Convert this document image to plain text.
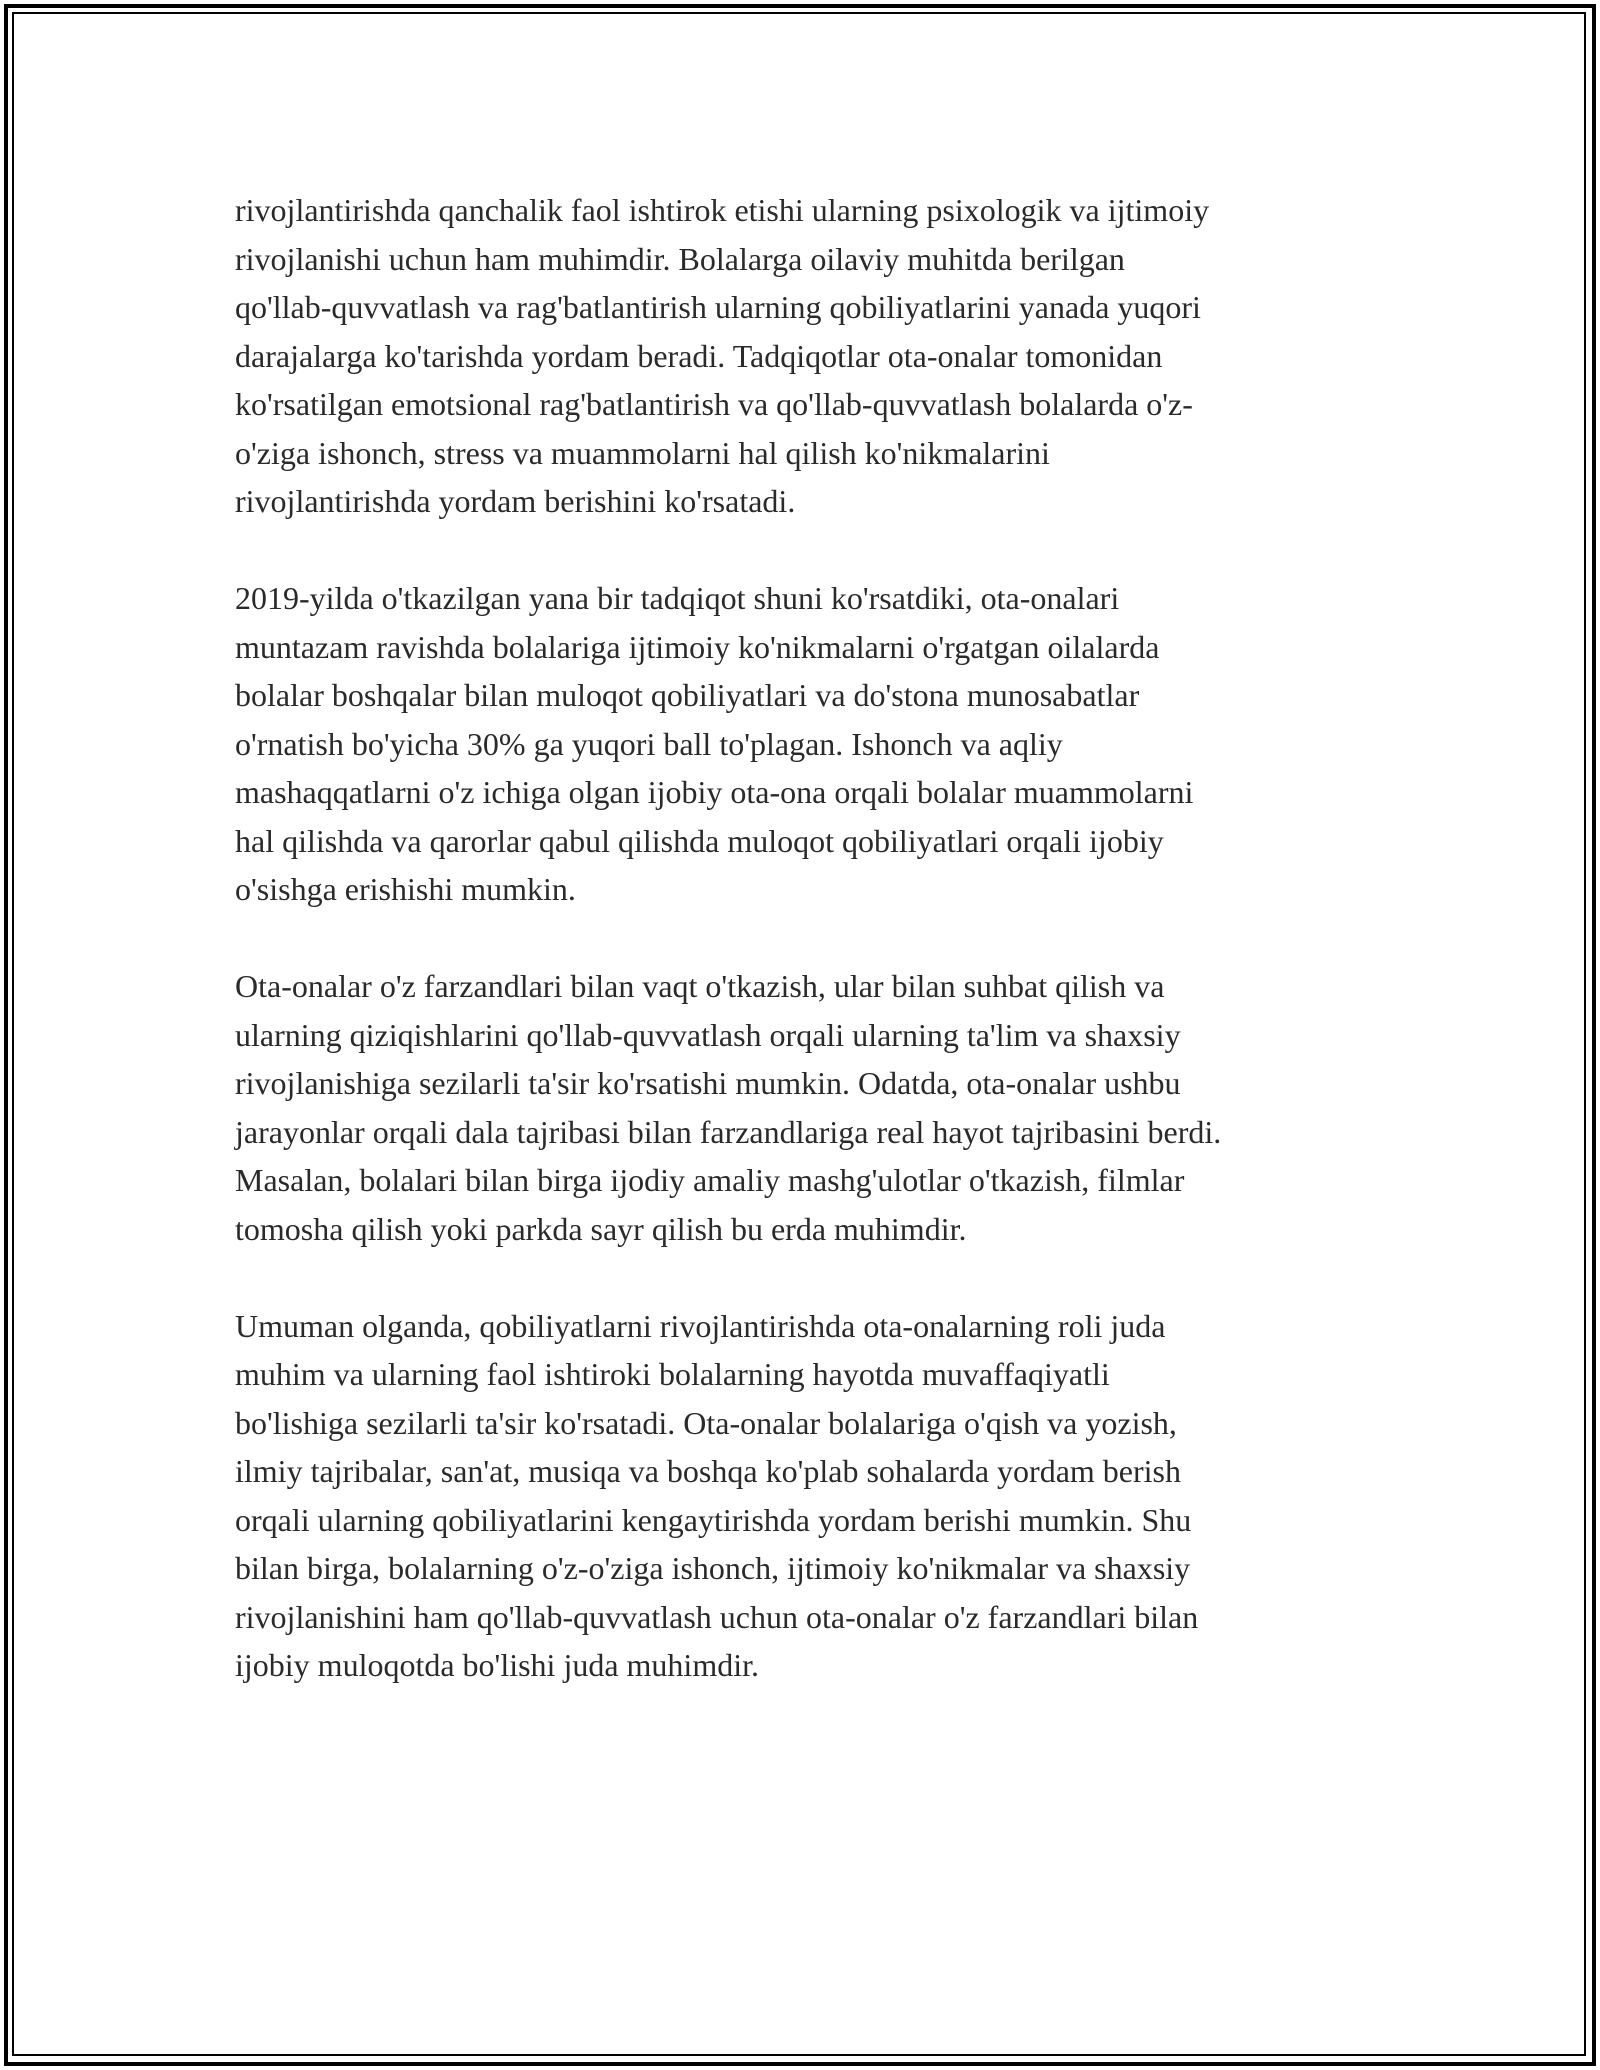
rivojlantirishda qanchalik faol ishtirok etishi ularning psixologik va ijtimoiy
rivojlanishi uchun ham muhimdir. Bolalarga oilaviy muhitda berilgan
qo'llab-quvvatlash va rag'batlantirish ularning qobiliyatlarini yanada yuqori
darajalarga ko'tarishda yordam beradi. Tadqiqotlar ota-onalar tomonidan
ko'rsatilgan emotsional rag'batlantirish va qo'llab-quvvatlash bolalarda o'z-
o'ziga ishonch, stress va muammolarni hal qilish ko'nikmalarini
rivojlantirishda yordam berishini ko'rsatadi.

2019-yilda o'tkazilgan yana bir tadqiqot shuni ko'rsatdiki, ota-onalari
muntazam ravishda bolalariga ijtimoiy ko'nikmalarni o'rgatgan oilalarda
bolalar boshqalar bilan muloqot qobiliyatlari va do'stona munosabatlar
o'rnatish bo'yicha 30% ga yuqori ball to'plagan. Ishonch va aqliy
mashaqqatlarni o'z ichiga olgan ijobiy ota-ona orqali bolalar muammolarni
hal qilishda va qarorlar qabul qilishda muloqot qobiliyatlari orqali ijobiy
o'sishga erishishi mumkin.

Ota-onalar o'z farzandlari bilan vaqt o'tkazish, ular bilan suhbat qilish va
ularning qiziqishlarini qo'llab-quvvatlash orqali ularning ta'lim va shaxsiy
rivojlanishiga sezilarli ta'sir ko'rsatishi mumkin. Odatda, ota-onalar ushbu
jarayonlar orqali dala tajribasi bilan farzandlariga real hayot tajribasini berdi.
Masalan, bolalari bilan birga ijodiy amaliy mashg'ulotlar o'tkazish, filmlar
tomosha qilish yoki parkda sayr qilish bu erda muhimdir.

Umuman olganda, qobiliyatlarni rivojlantirishda ota-onalarning roli juda
muhim va ularning faol ishtiroki bolalarning hayotda muvaffaqiyatli
bo'lishiga sezilarli ta'sir ko'rsatadi. Ota-onalar bolalariga o'qish va yozish,
ilmiy tajribalar, san'at, musiqa va boshqa ko'plab sohalarda yordam berish
orqali ularning qobiliyatlarini kengaytirishda yordam berishi mumkin. Shu
bilan birga, bolalarning o'z-o'ziga ishonch, ijtimoiy ko'nikmalar va shaxsiy
rivojlanishini ham qo'llab-quvvatlash uchun ota-onalar o'z farzandlari bilan
ijobiy muloqotda bo'lishi juda muhimdir.
